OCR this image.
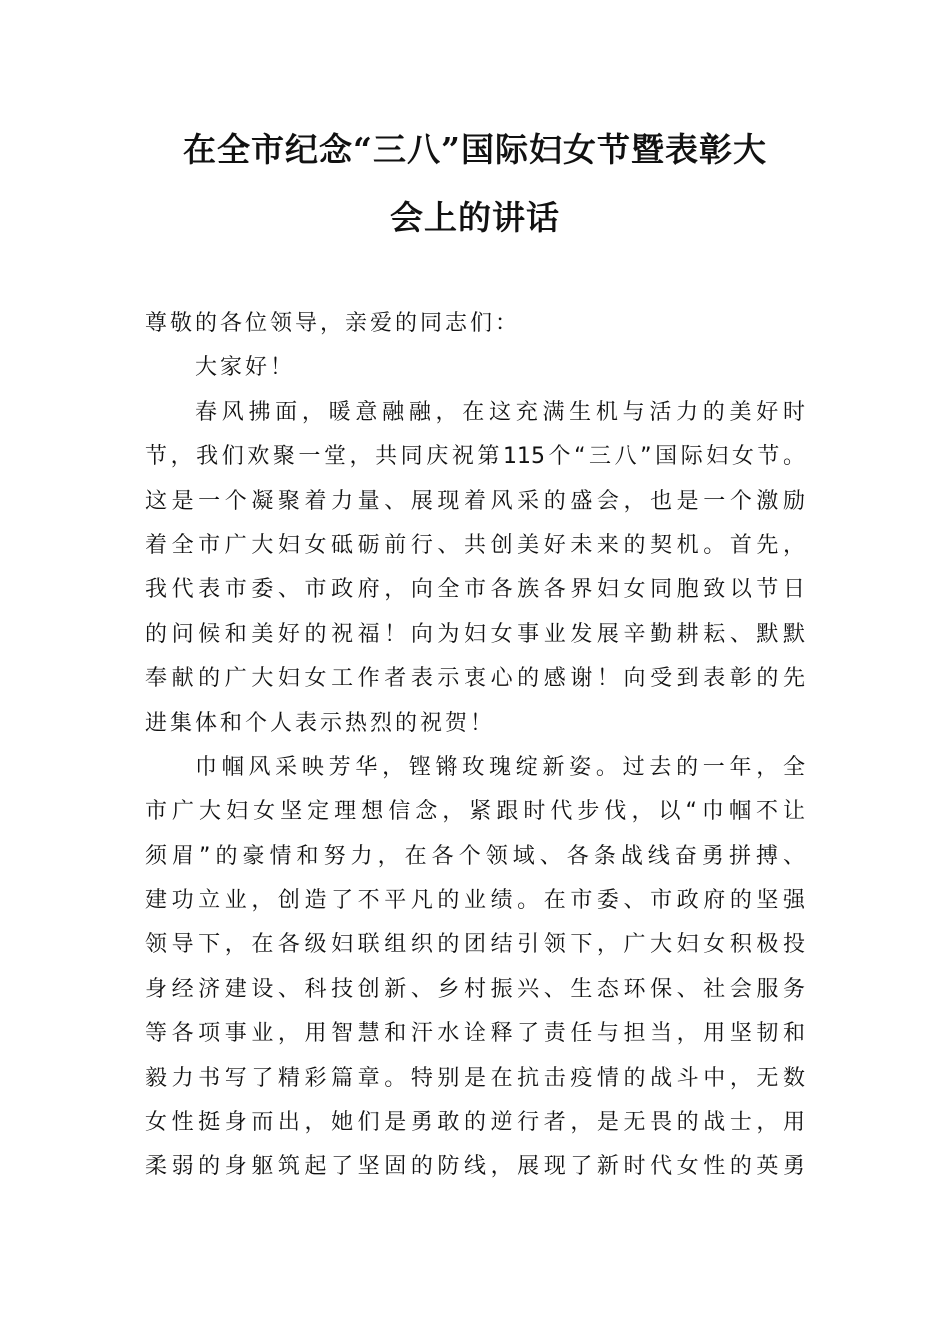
在全市纪念“三八”国际妇女节暨表彰大
会上的讲话
尊敬的各位领导，亲爱的同志们：
大家好！
春风拂面，暖意融融，在这充满生机与活力的美好时
节，我们欢聚一堂，共同庆祝第115个“三八”国际妇女节。
这是一个凝聚着力量、展现着风采的盛会，也是一个激励
着全市广大妇女砥砺前行、共创美好未来的契机。首先，
我代表市委、市政府，向全市各族各界妇女同胞致以节日
的问候和美好的祝福！向为妇女事业发展辛勤耕耘、默默
奉献的广大妇女工作者表示衷心的感谢！向受到表彰的先
进集体和个人表示热烈的祝贺！
巾帼风采映芳华，铿锵玫瑰绽新姿。过去的一年，全
市广大妇女坚定理想信念，紧跟时代步伐，以“巾帼不让
须眉”的豪情和努力，在各个领域、各条战线奋勇拼搏、
建功立业，创造了不平凡的业绩。在市委、市政府的坚强
领导下，在各级妇联组织的团结引领下，广大妇女积极投
身经济建设、科技创新、乡村振兴、生态环保、社会服务
等各项事业，用智慧和汗水诠释了责任与担当，用坚韧和
毅力书写了精彩篇章。特别是在抗击疫情的战斗中，无数
女性挺身而出，她们是勇敢的逆行者，是无畏的战士，用
柔弱的身躯筑起了坚固的防线，展现了新时代女性的英勇
